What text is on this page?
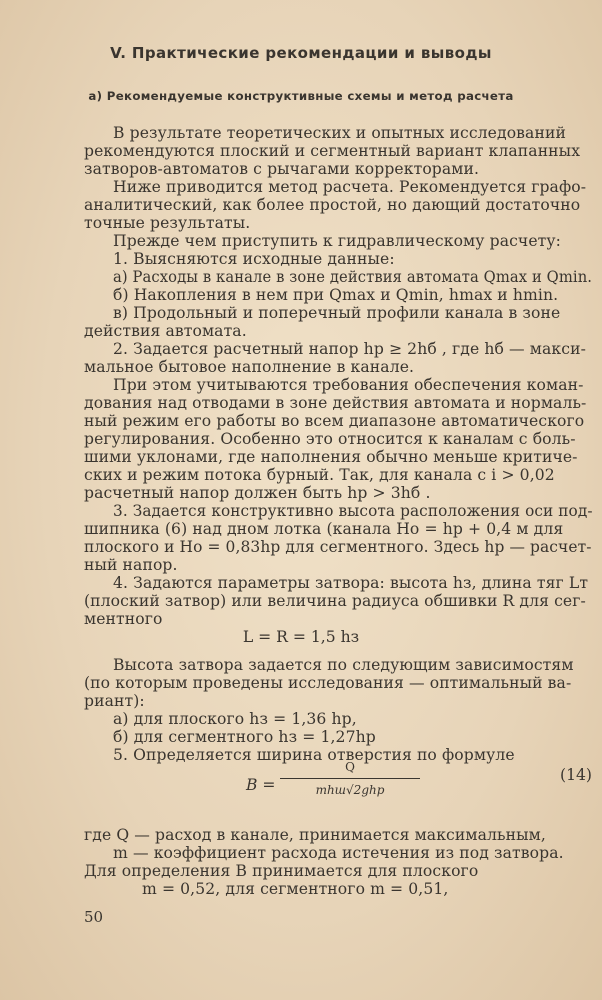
V. Практические рекомендации и выводы
а) Рекомендуемые конструктивные схемы и метод расчета
В результате теоретических и опытных исследований
рекомендуются плоский и сегментный вариант клапанных
затворов-автоматов с рычагами корректорами.
Ниже приводится метод расчета. Рекомендуется графо-
аналитический, как более простой, но дающий достаточно
точные результаты.
Прежде чем приступить к гидравлическому расчету:
1. Выясняются исходные данные:
а) Расходы в канале в зоне действия автомата Qmax и Qmin.
б) Накопления в нем при Qmax и Qmin, hmax и hmin.
в) Продольный и поперечный профили канала в зоне
действия автомата.
2. Задается расчетный напор hр ≥ 2hб , где hб — макси-
мальное бытовое наполнение в канале.
При этом учитываются требования обеспечения коман-
дования над отводами в зоне действия автомата и нормаль-
ный режим его работы во всем диапазоне автоматического
регулирования. Особенно это относится к каналам с боль-
шими уклонами, где наполнения обычно меньше критиче-
ских и режим потока бурный. Так, для канала с i > 0,02
расчетный напор должен быть hр > 3hб .
3. Задается конструктивно высота расположения оси под-
шипника (6) над дном лотка (канала Hо = hр + 0,4 м для
плоского и Hо = 0,83hр для сегментного. Здесь hр — расчет-
ный напор.
4. Задаются параметры затвора: высота hз, длина тяг Lт
(плоский затвор) или величина радиуса обшивки R для сег-
ментного
L = R = 1,5 hз
Высота затвора задается по следующим зависимостям
(по которым проведены исследования — оптимальный ва-
риант):
а) для плоского hз = 1,36 hр,
б) для сегментного hз = 1,27hр
5. Определяется ширина отверстия по формуле
B =
Q
mhш√2ghр
(14)
где Q — расход в канале, принимается максимальным,
m — коэффициент расхода истечения из под затвора.
Для определения B принимается для плоского
m = 0,52, для сегментного m = 0,51,
50
